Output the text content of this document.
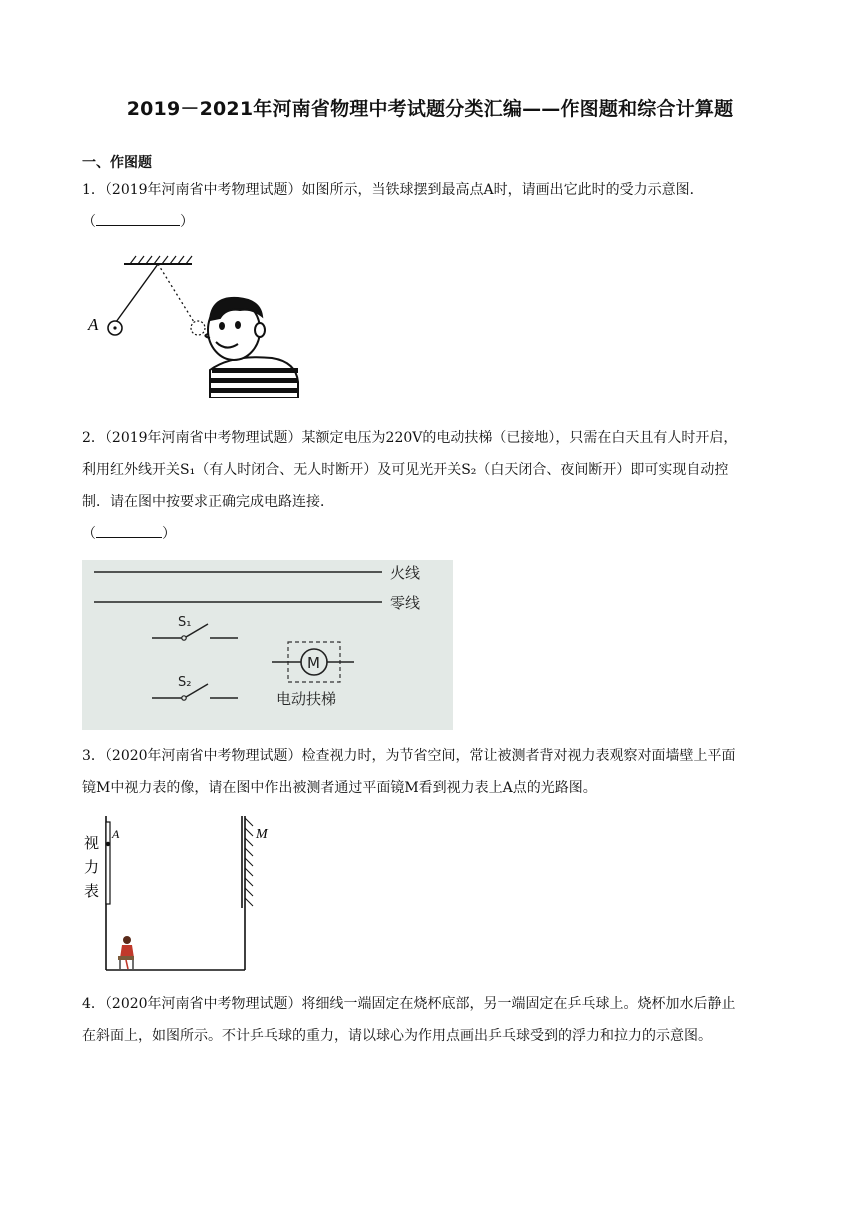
2019－2021年河南省物理中考试题分类汇编——作图题和综合计算题
一、作图题
1．（2019年河南省中考物理试题）如图所示，当铁球摆到最高点A时，请画出它此时的受力示意图．
（	）
A
2．（2019年河南省中考物理试题）某额定电压为220V的电动扶梯（已接地），只需在白天且有人时开启，
利用红外线开关S₁（有人时闭合、无人时断开）及可见光开关S₂（白天闭合、夜间断开）即可实现自动控
制．请在图中按要求正确完成电路连接．
（	）
火线
零线
S₁
S₂
M
电动扶梯
3．（2020年河南省中考物理试题）检查视力时，为节省空间，常让被测者背对视力表观察对面墙壁上平面
镜M中视力表的像，请在图中作出被测者通过平面镜M看到视力表上A点的光路图。
M
A
视
力
表
4．（2020年河南省中考物理试题）将细线一端固定在烧杯底部，另一端固定在乒乓球上。烧杯加水后静止
在斜面上，如图所示。不计乒乓球的重力，请以球心为作用点画出乒乓球受到的浮力和拉力的示意图。
